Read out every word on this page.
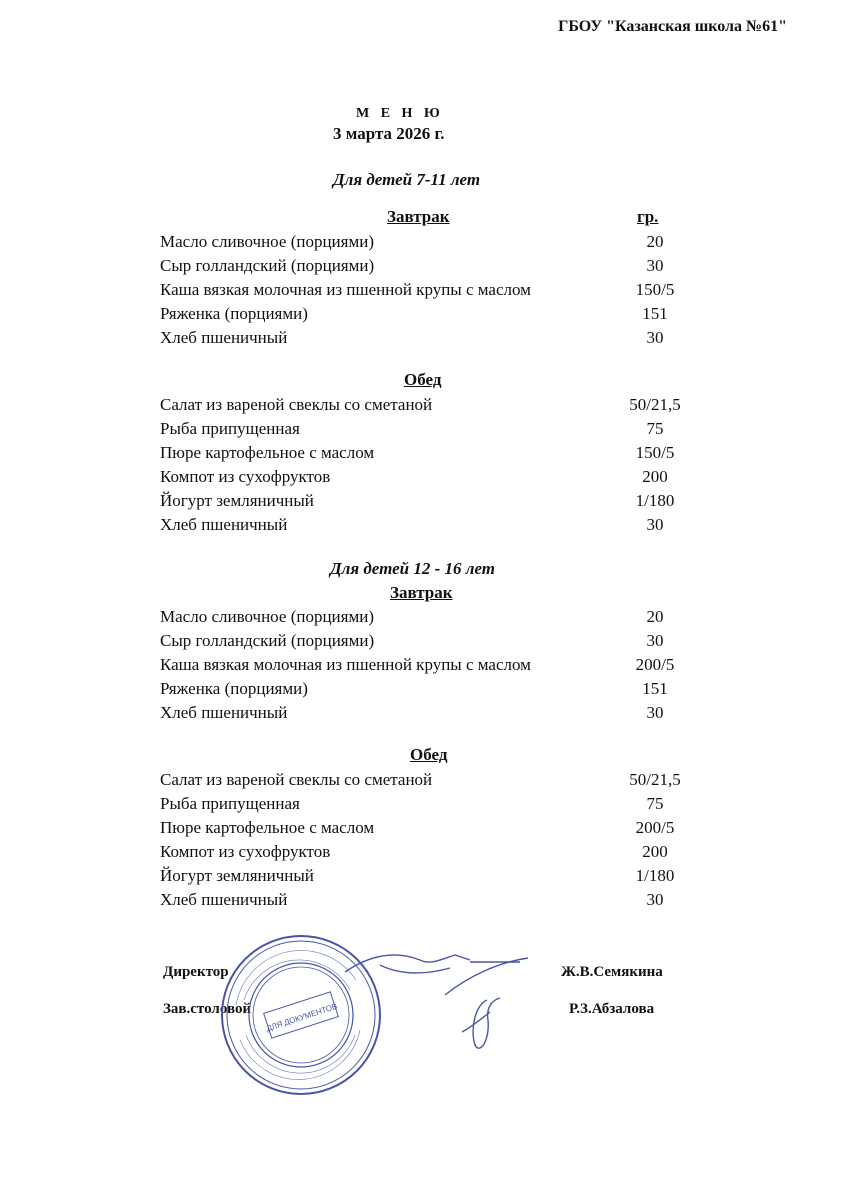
ГБОУ "Казанская школа №61"
М Е Н Ю
3 марта 2026 г.
Для детей 7-11 лет
Завтрак	гр.
Масло сливочное (порциями)	20
Сыр голландский (порциями)	30
Каша вязкая молочная из пшенной крупы с маслом	150/5
Ряженка (порциями)	151
Хлеб пшеничный	30
Обед
Салат из вареной свеклы со сметаной	50/21,5
Рыба припущенная	75
Пюре картофельное с маслом	150/5
Компот из сухофруктов	200
Йогурт земляничный	1/180
Хлеб пшеничный	30
Для детей 12 - 16 лет
Завтрак
Масло сливочное (порциями)	20
Сыр голландский (порциями)	30
Каша вязкая молочная из пшенной крупы с маслом	200/5
Ряженка (порциями)	151
Хлеб пшеничный	30
Обед
Салат из вареной свеклы со сметаной	50/21,5
Рыба припущенная	75
Пюре картофельное с маслом	200/5
Компот из сухофруктов	200
Йогурт земляничный	1/180
Хлеб пшеничный	30
Директор	Ж.В.Семякина
Зав.столовой	Р.З.Абзалова
ДЛЯ ДОКУМЕНТОВ
